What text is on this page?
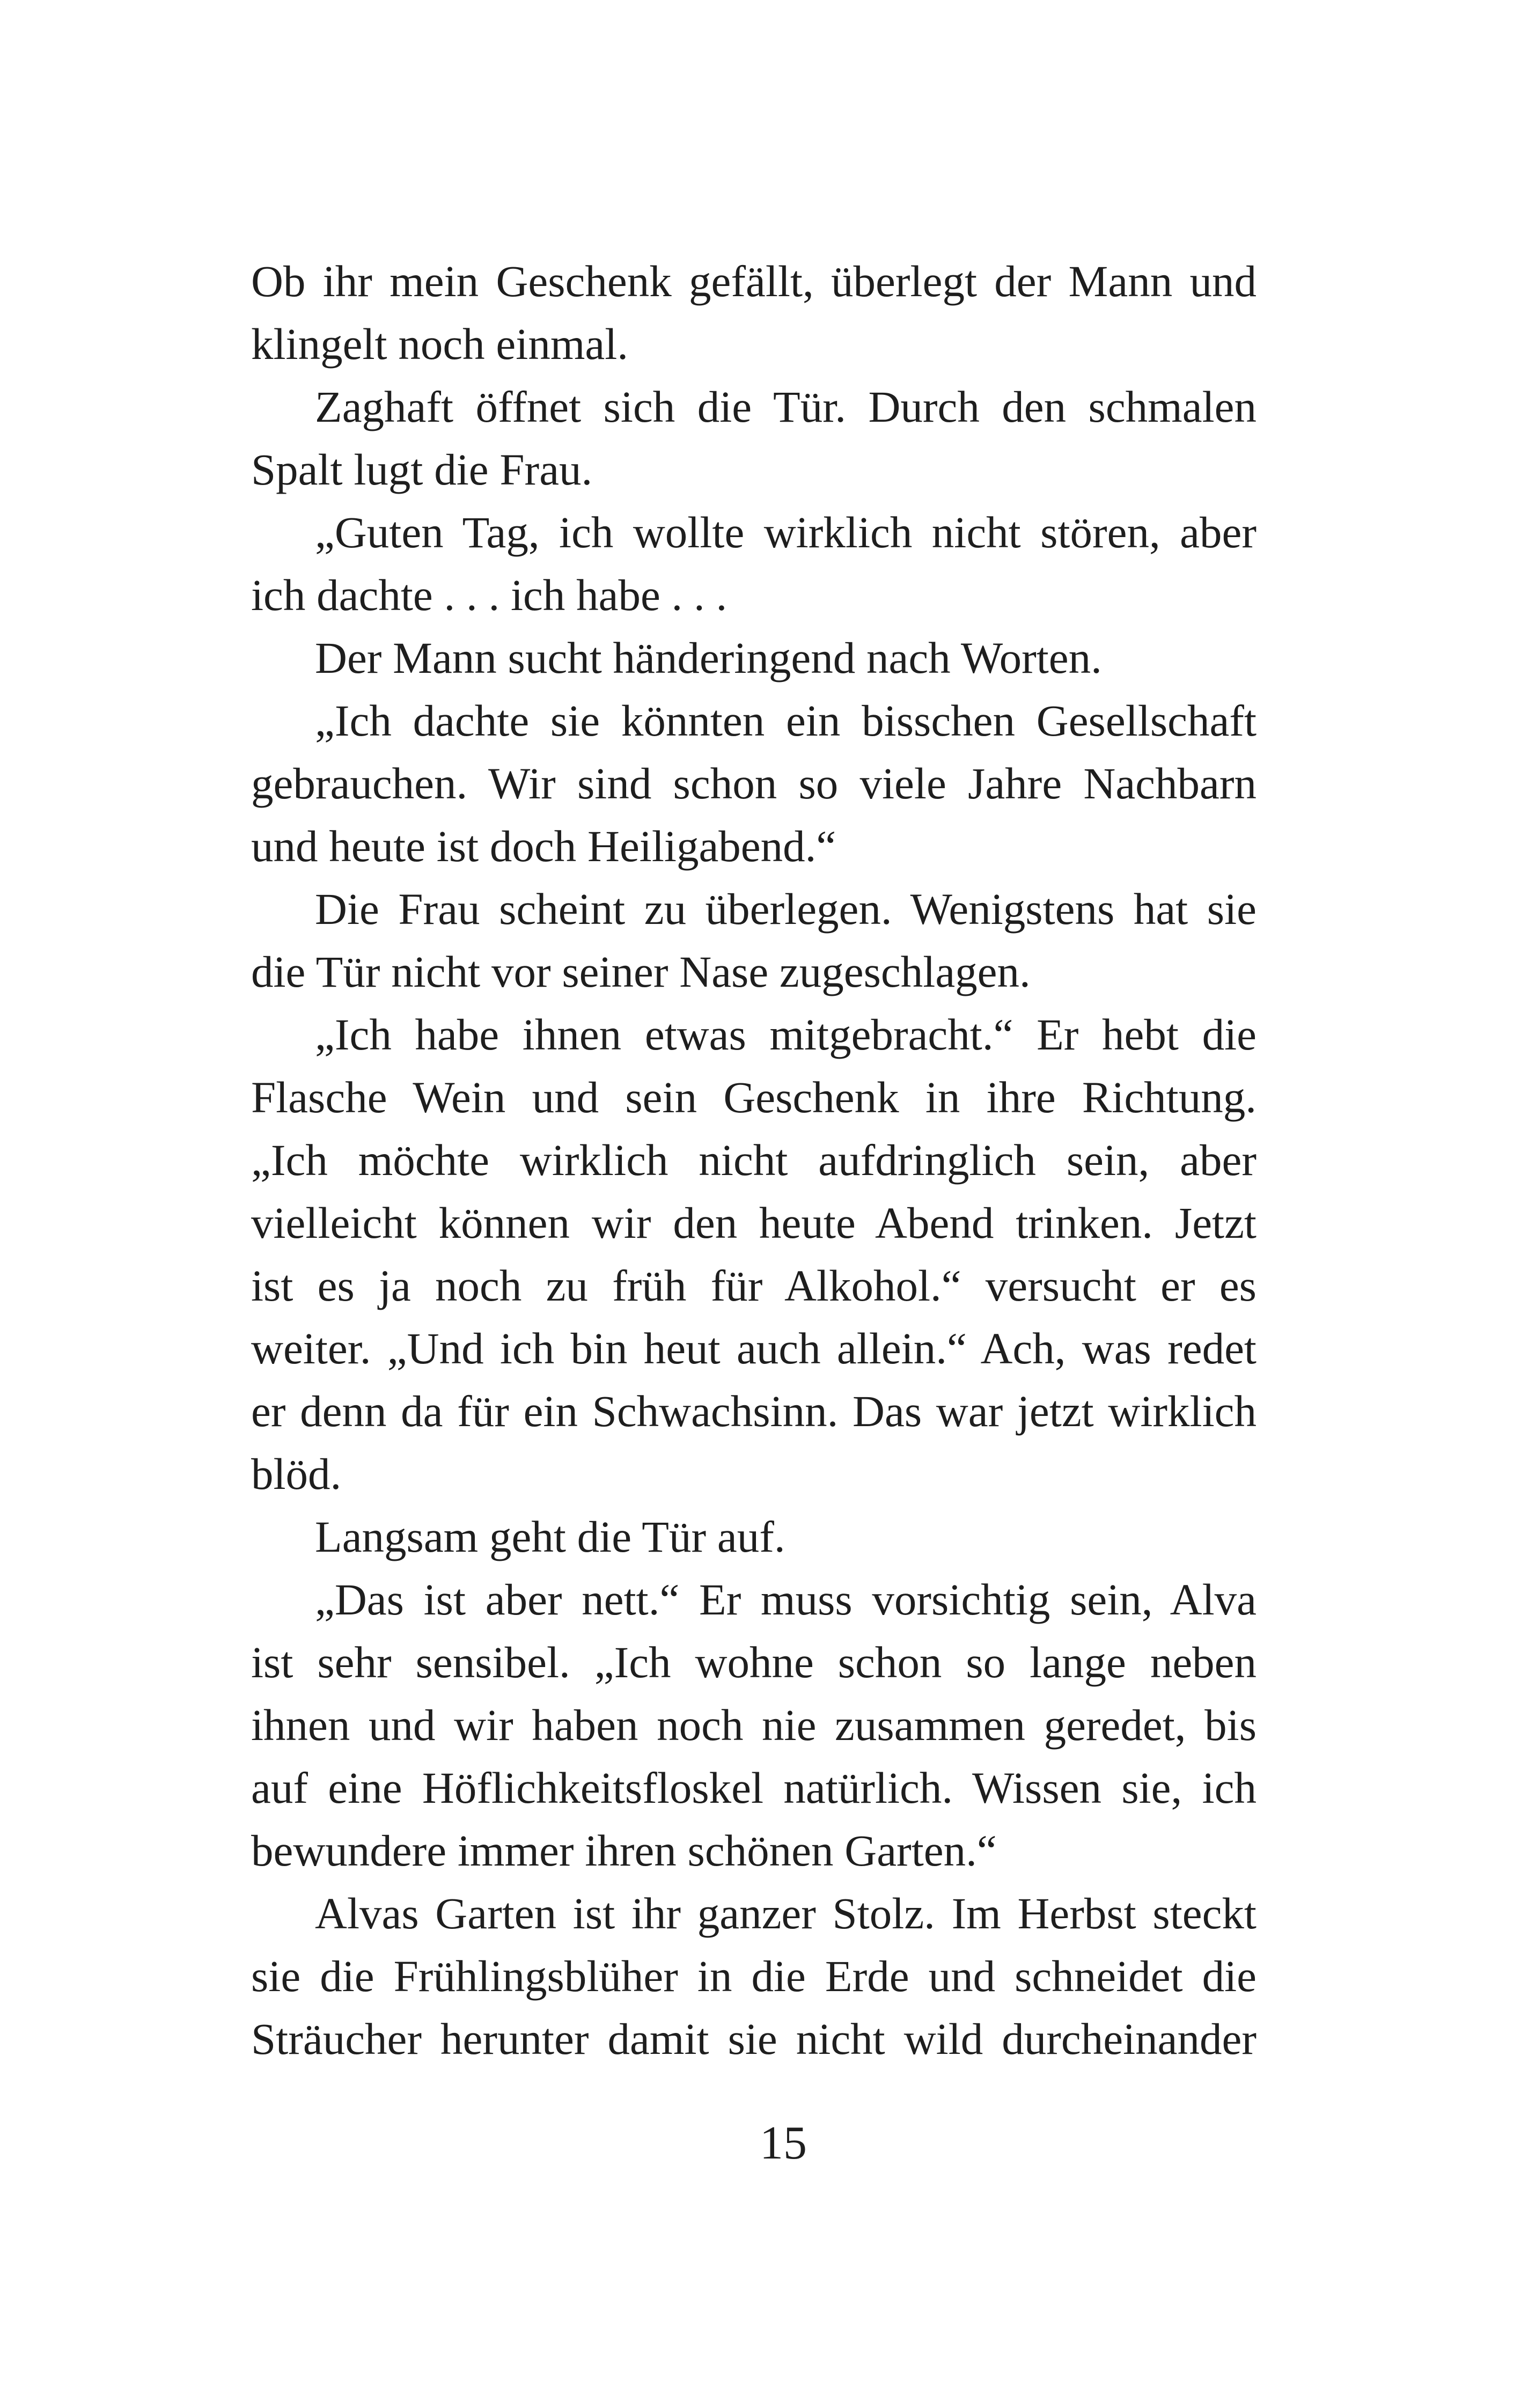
Ob ihr mein Geschenk gefällt, überlegt der Mann und
klingelt noch einmal.
Zaghaft öffnet sich die Tür. Durch den schmalen
Spalt lugt die Frau.
„Guten Tag, ich wollte wirklich nicht stören, aber
ich dachte . . . ich habe . . .
Der Mann sucht händeringend nach Worten.
„Ich dachte sie könnten ein bisschen Gesellschaft
gebrauchen. Wir sind schon so viele Jahre Nachbarn
und heute ist doch Heiligabend.“
Die Frau scheint zu überlegen. Wenigstens hat sie
die Tür nicht vor seiner Nase zugeschlagen.
„Ich habe ihnen etwas mitgebracht.“ Er hebt die
Flasche Wein und sein Geschenk in ihre Richtung.
„Ich möchte wirklich nicht aufdringlich sein, aber
vielleicht können wir den heute Abend trinken. Jetzt
ist es ja noch zu früh für Alkohol.“ versucht er es
weiter. „Und ich bin heut auch allein.“ Ach, was redet
er denn da für ein Schwachsinn. Das war jetzt wirklich
blöd.
Langsam geht die Tür auf.
„Das ist aber nett.“ Er muss vorsichtig sein, Alva
ist sehr sensibel. „Ich wohne schon so lange neben
ihnen und wir haben noch nie zusammen geredet, bis
auf eine Höflichkeitsfloskel natürlich. Wissen sie, ich
bewundere immer ihren schönen Garten.“
Alvas Garten ist ihr ganzer Stolz. Im Herbst steckt
sie die Frühlingsblüher in die Erde und schneidet die
Sträucher herunter damit sie nicht wild durcheinander
15
